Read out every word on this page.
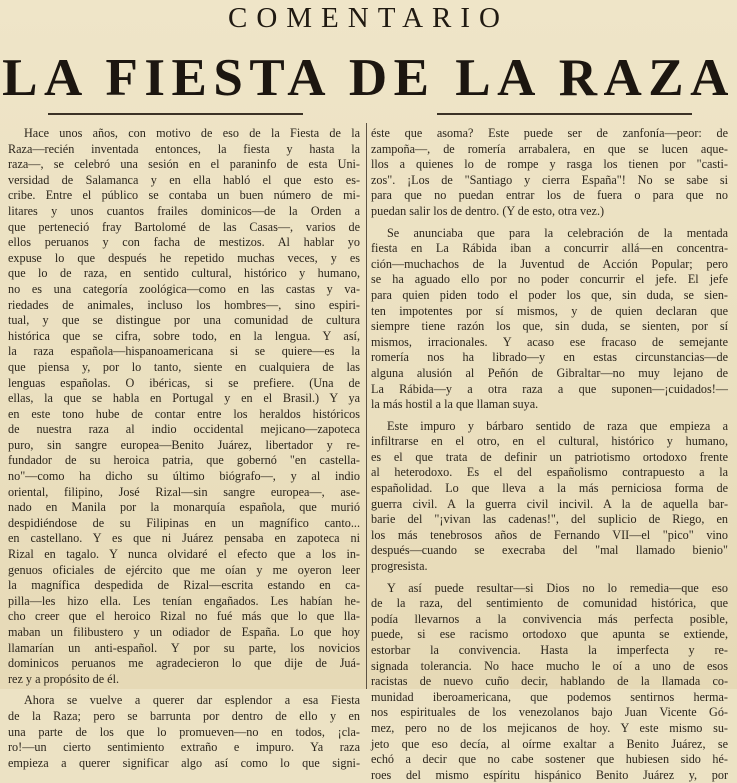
COMENTARIO
LA FIESTA DE LA RAZA
Hace unos años, con motivo de eso de la Fiesta de la
Raza—recién inventada entonces, la fiesta y hasta la
raza—, se celebró una sesión en el paraninfo de esta Uni-
versidad de Salamanca y en ella habló el que esto es-
cribe. Entre el público se contaba un buen número de mi-
litares y unos cuantos frailes dominicos—de la Orden a
que perteneció fray Bartolomé de las Casas—, varios de
ellos peruanos y con facha de mestizos. Al hablar yo
expuse lo que después he repetido muchas veces, y es
que lo de raza, en sentido cultural, histórico y humano,
no es una categoría zoológica—como en las castas y va-
riedades de animales, incluso los hombres—, sino espiri-
tual, y que se distingue por una comunidad de cultura
histórica que se cifra, sobre todo, en la lengua. Y así,
la raza española—hispanoamericana si se quiere—es la
que piensa y, por lo tanto, siente en cualquiera de las
lenguas españolas. O ibéricas, si se prefiere. (Una de
ellas, la que se habla en Portugal y en el Brasil.) Y ya
en este tono hube de contar entre los heraldos históricos
de nuestra raza al indio occidental mejicano—zapoteca
puro, sin sangre europea—Benito Juárez, libertador y re-
fundador de su heroica patria, que gobernó "en castella-
no"—como ha dicho su último biógrafo—, y al indio
oriental, filipino, José Rizal—sin sangre europea—, ase-
nado en Manila por la monarquía española, que murió
despidiéndose de su Filipinas en un magnífico canto...
en castellano. Y es que ni Juárez pensaba en zapoteca ni
Rizal en tagalo. Y nunca olvidaré el efecto que a los in-
genuos oficiales de ejército que me oían y me oyeron leer
la magnífica despedida de Rizal—escrita estando en ca-
pilla—les hizo ella. Les tenían engañados. Les habían he-
cho creer que el heroico Rizal no fué más que lo que lla-
maban un filibustero y un odiador de España. Lo que hoy
llamarían un anti-español. Y por su parte, los novicios
dominicos peruanos me agradecieron lo que dije de Juá-
rez y a propósito de él.
Ahora se vuelve a querer dar esplendor a esa Fiesta
de la Raza; pero se barrunta por dentro de ello y en
una parte de los que lo promueven—no en todos, ¡cla-
ro!—un cierto sentimiento extraño e impuro. Ya raza
empieza a querer significar algo así como lo que signi-
éste que asoma? Este puede ser de zanfonía—peor: de
zampoña—, de romería arrabalera, en que se lucen aque-
llos a quienes lo de rompe y rasga los tienen por "casti-
zos". ¡Los de "Santiago y cierra España"! No se sabe si
para que no puedan entrar los de fuera o para que no
puedan salir los de dentro. (Y de esto, otra vez.)
Se anunciaba que para la celebración de la mentada
fiesta en La Rábida iban a concurrir allá—en concentra-
ción—muchachos de la Juventud de Acción Popular; pero
se ha aguado ello por no poder concurrir el jefe. El jefe
para quien piden todo el poder los que, sin duda, se sien-
ten impotentes por sí mismos, y de quien declaran que
siempre tiene razón los que, sin duda, se sienten, por sí
mismos, irracionales. Y acaso ese fracaso de semejante
romería nos ha librado—y en estas circunstancias—de
alguna alusión al Peñón de Gibraltar—no muy lejano de
La Rábida—y a otra raza a que suponen—¡cuidados!—
la más hostil a la que llaman suya.
Este impuro y bárbaro sentido de raza que empieza a
infiltrarse en el otro, en el cultural, histórico y humano,
es el que trata de definir un patriotismo ortodoxo frente
al heterodoxo. Es el del españolismo contrapuesto a la
españolidad. Lo que lleva a la más perniciosa forma de
guerra civil. A la guerra civil incivil. A la de aquella bar-
barie del "¡vivan las cadenas!", del suplicio de Riego, en
los más tenebrosos años de Fernando VII—el "pico" vino
después—cuando se execraba del "mal llamado bienio"
progresista.
Y así puede resultar—si Dios no lo remedia—que eso
de la raza, del sentimiento de comunidad histórica, que
podía llevarnos a la convivencia más perfecta posible,
puede, si ese racismo ortodoxo que apunta se extiende,
estorbar la convivencia. Hasta la imperfecta y re-
signada tolerancia. No hace mucho le oí a uno de esos
racistas de nuevo cuño decir, hablando de la llamada co-
munidad iberoamericana, que podemos sentirnos herma-
nos espirituales de los venezolanos bajo Juan Vicente Gó-
mez, pero no de los mejicanos de hoy. Y este mismo su-
jeto que eso decía, al oírme exaltar a Benito Juárez, se
echó a decir que no cabe sostener que hubiesen sido hé-
roes del mismo espíritu hispánico Benito Juárez y, por
